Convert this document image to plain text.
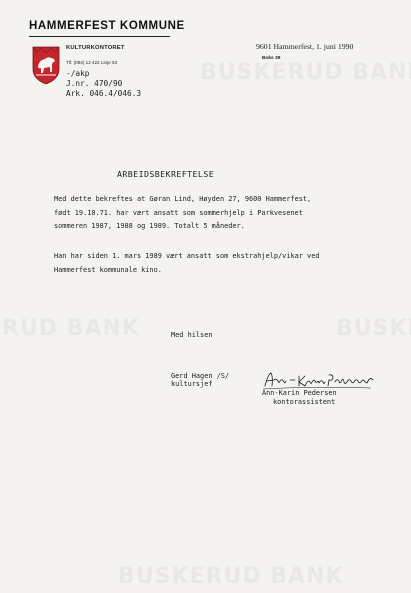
HAMMERFEST KOMMUNE
KULTURKONTORET
Tlf. (084) 12 422 Linje 53
-/akp
J.nr. 470/90
Ark. 046.4/046.3
9601 Hammerfest, 1. juni 1990
Boks 39
ARBEIDSBEKREFTELSE
Med dette bekreftes at Gøran Lind, Høyden 27, 9600 Hammerfest,
født 19.10.71. har vært ansatt som sommerhjelp i Parkvesenet
sommeren 1987, 1988 og 1989. Totalt 5 måneder.
Han har siden 1. mars 1989 vært ansatt som ekstrahjelp/vikar ved
Hammerfest kommunale kino.
Med hilsen
Gerd Hagen /S/
kultursjef
Ann-Karin Pedersen
kontorassistent
